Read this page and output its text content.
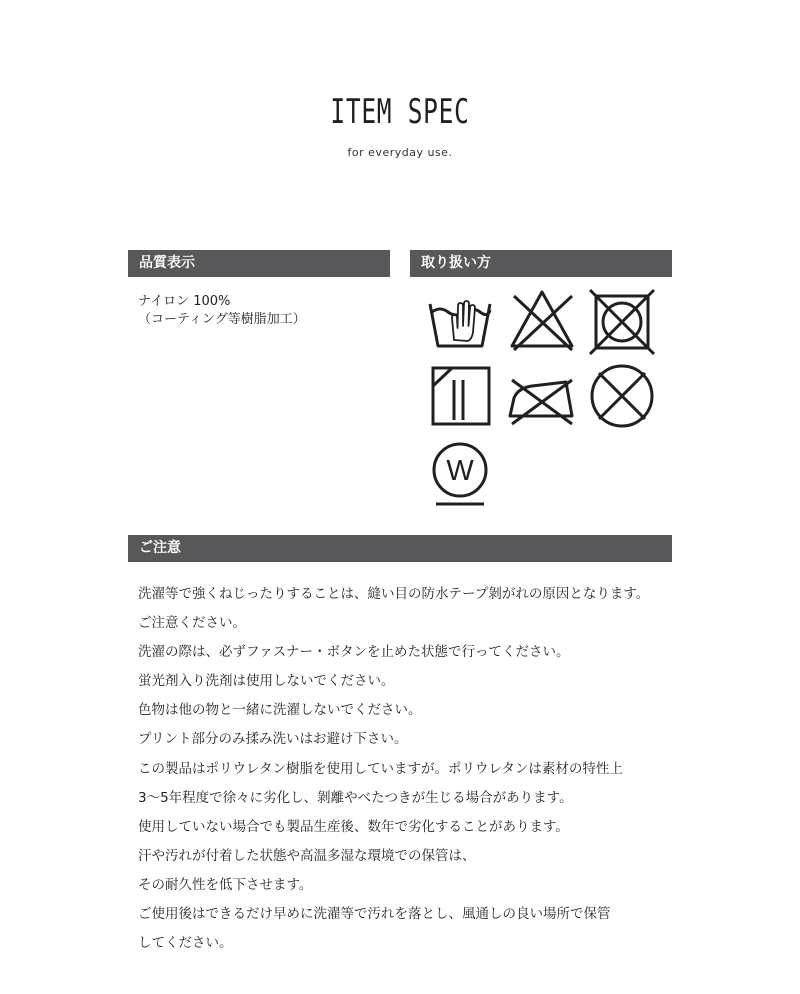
ITEM SPEC
for everyday use.
品質表示	取り扱い方
ナイロン 100%
（コーティング等樹脂加工）
W
ご注意
洗濯等で強くねじったりすることは、縫い目の防水テープ剝がれの原因となります。
ご注意ください。
洗濯の際は、必ずファスナー・ボタンを止めた状態で行ってください。
蛍光剤入り洗剤は使用しないでください。
色物は他の物と一緒に洗濯しないでください。
プリント部分のみ揉み洗いはお避け下さい。
この製品はポリウレタン樹脂を使用していますが。ポリウレタンは素材の特性上
3～5年程度で徐々に劣化し、剝離やべたつきが生じる場合があります。
使用していない場合でも製品生産後、数年で劣化することがあります。
汗や汚れが付着した状態や高温多湿な環境での保管は、
その耐久性を低下させます。
ご使用後はできるだけ早めに洗濯等で汚れを落とし、風通しの良い場所で保管
してください。
